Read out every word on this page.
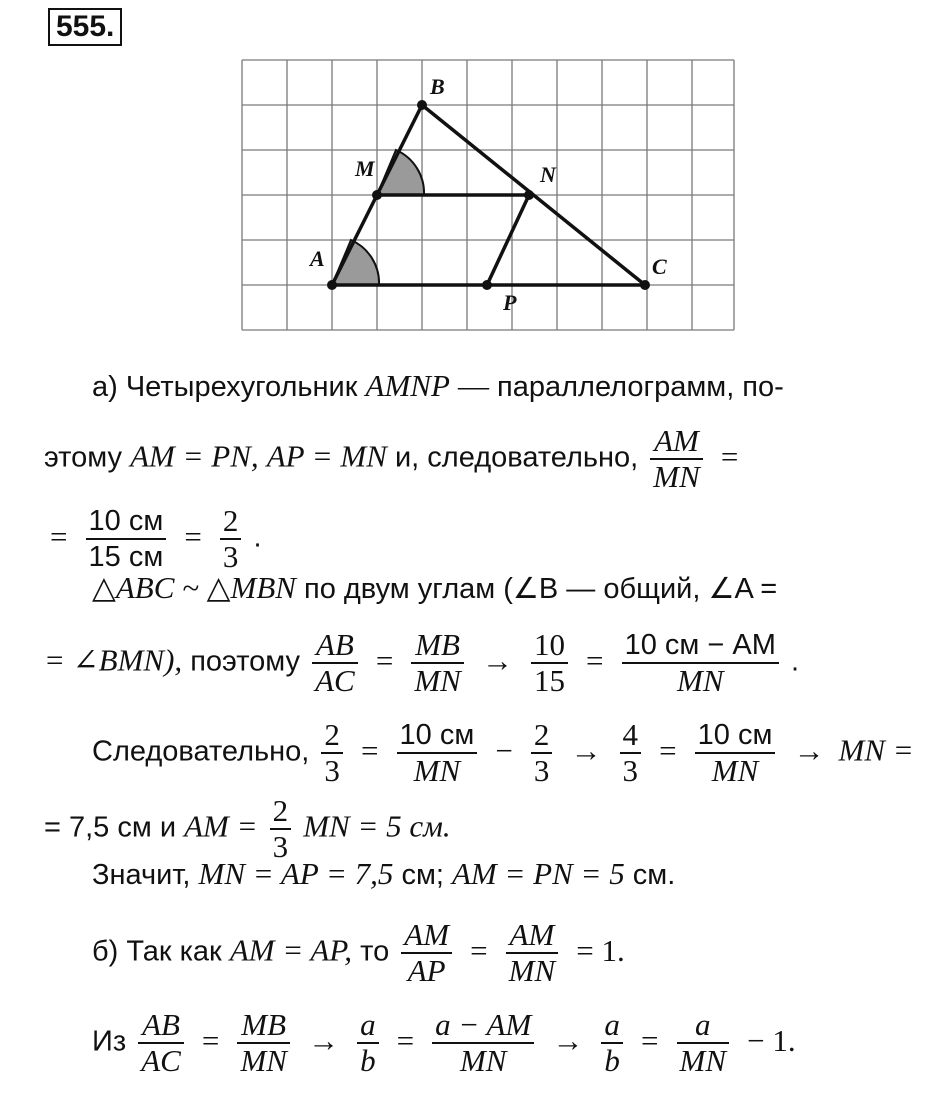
555.
A
B
C
M	N
P
а) Четырехугольник AMNP — параллелограмм, по-
этому AM = PN, AP = MN и, следовательно, $\frac{AM}{MN}$ =
= $\frac{10 см}{15 см} = \frac{2}{3}$ .
△ABC ~ △MBN по двум углам (∠B — общий, ∠A =
= ∠BMN), поэтому $\frac{AB}{AC} = \frac{MB}{MN} \to \frac{10}{15} = \frac{10 см - AM}{MN}$ .
Следовательно, $\frac{2}{3} = \frac{10 см}{MN} - \frac{2}{3} \to \frac{4}{3} = \frac{10 см}{MN}$ → MN =
= 7,5 см и AM = $\frac{2}{3}$ MN = 5 см.
Значит, MN = AP = 7,5 см; AM = PN = 5 см.
б) Так как AM = AP, то $\frac{AM}{AP} = \frac{AM}{MN} = 1$.
Из $\frac{AB}{AC} = \frac{MB}{MN} \to \frac{a}{b} = \frac{a - AM}{MN} \to \frac{a}{b} = \frac{a}{MN} - 1$.
